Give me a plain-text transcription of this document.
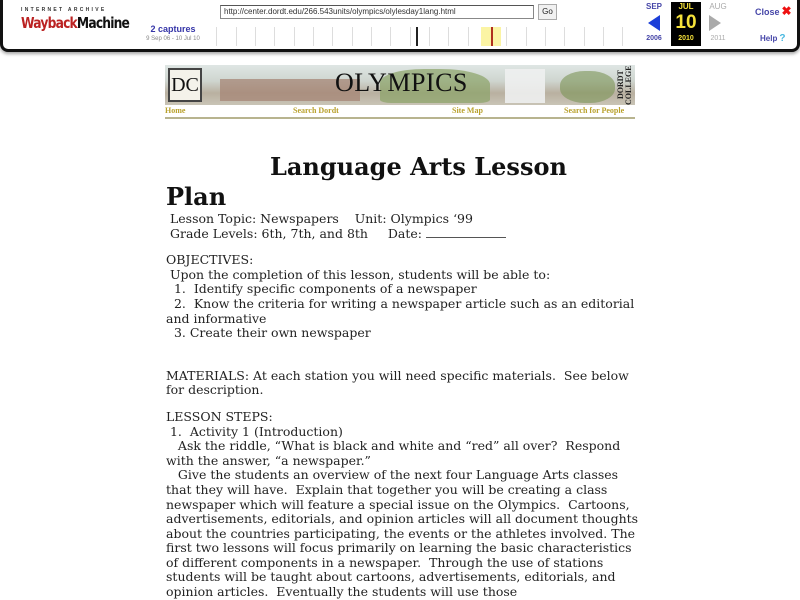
INTERNET ARCHIVE
WaybackMachine	2 captures
9 Sep 06 - 10 Jul 10
http://center.dordt.edu/266.543units/olympics/olylesday1lang.html	Go
SEP
2006
JUL
10
2010
AUG
2011
Close ✖
Help ?
DC	OLYMPICS	DORDT COLLEGE
Home	Search Dordt	Site Map	Search for People
Language Arts Lesson
Plan

Lesson Topic: Newspapers    Unit: Olympics ‘99

Grade Levels: 6th, 7th, and 8th     Date:

OBJECTIVES:

Upon the completion of this lesson, students will be able to:

1.  Identify specific components of a newspaper

2.  Know the criteria for writing a newspaper article such as an editorial and informative

3. Create their own newspaper

MATERIALS: At each station you will need specific materials.  See below for description.

LESSON STEPS:

1.  Activity 1 (Introduction)

Ask the riddle, “What is black and white and “red” all over?  Respond with the answer, “a newspaper.”

Give the students an overview of the next four Language Arts classes that they will have.  Explain that together you will be creating a class newspaper which will feature a special issue on the Olympics.  Cartoons, advertisements, editorials, and opinion articles will all document thoughts about the countries participating, the events or the athletes involved. The first two lessons will focus primarily on learning the basic characteristics of different components in a newspaper.  Through the use of stations students will be taught about cartoons, advertisements, editorials, and opinion articles.  Eventually the students will use those
